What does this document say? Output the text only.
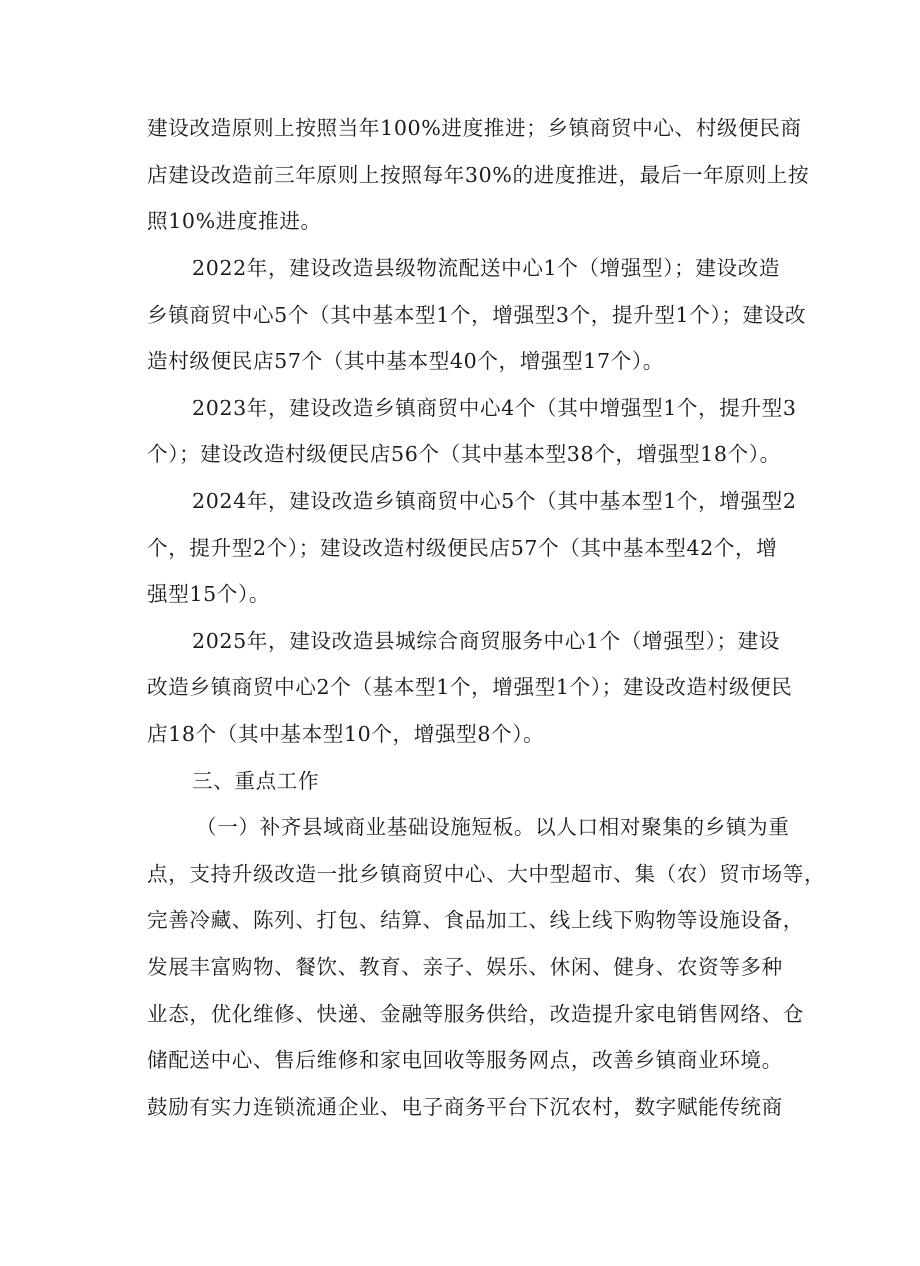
建设改造原则上按照当年100%进度推进；乡镇商贸中心、村级便民商
店建设改造前三年原则上按照每年30%的进度推进，最后一年原则上按
照10%进度推进。
2022年，建设改造县级物流配送中心1个（增强型）；建设改造
乡镇商贸中心5个（其中基本型1个，增强型3个，提升型1个）；建设改
造村级便民店57个（其中基本型40个，增强型17个）。
2023年，建设改造乡镇商贸中心4个（其中增强型1个，提升型3
个）；建设改造村级便民店56个（其中基本型38个，增强型18个）。
2024年，建设改造乡镇商贸中心5个（其中基本型1个，增强型2
个，提升型2个）；建设改造村级便民店57个（其中基本型42个，增
强型15个）。
2025年，建设改造县城综合商贸服务中心1个（增强型）；建设
改造乡镇商贸中心2个（基本型1个，增强型1个）；建设改造村级便民
店18个（其中基本型10个，增强型8个）。
三、重点工作
（一）补齐县域商业基础设施短板。以人口相对聚集的乡镇为重
点，支持升级改造一批乡镇商贸中心、大中型超市、集（农）贸市场等，
完善冷藏、陈列、打包、结算、食品加工、线上线下购物等设施设备，
发展丰富购物、餐饮、教育、亲子、娱乐、休闲、健身、农资等多种
业态，优化维修、快递、金融等服务供给，改造提升家电销售网络、仓
储配送中心、售后维修和家电回收等服务网点，改善乡镇商业环境。
鼓励有实力连锁流通企业、电子商务平台下沉农村，数字赋能传统商
